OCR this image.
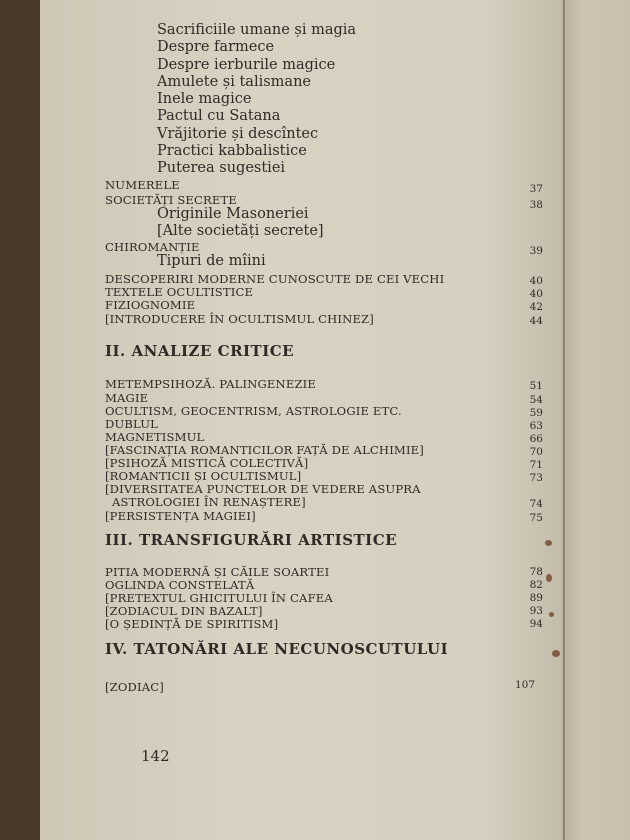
Sacrificiile umane și magia
Despre farmece
Despre ierburile magice
Amulete și talismane
Inele magice
Pactul cu Satana
Vrăjitorie și descîntec
Practici kabbalistice
Puterea sugestiei
NUMERELE	37
SOCIETĂȚI SECRETE	38
Originile Masoneriei
[Alte societăți secrete]
CHIROMANȚIE	39
Tipuri de mîini
DESCOPERIRI MODERNE CUNOSCUTE DE CEI VECHI	40
TEXTELE OCULTISTICE	40
FIZIOGNOMIE	42
[INTRODUCERE ÎN OCULTISMUL CHINEZ]	44
II. ANALIZE CRITICE
METEMPSIHOZĂ. PALINGENEZIE	51
MAGIE	54
OCULTISM, GEOCENTRISM, ASTROLOGIE ETC.	59
DUBLUL	63
MAGNETISMUL	66
[FASCINAȚIA ROMANTICILOR FAȚĂ DE ALCHIMIE]	70
[PSIHOZĂ MISTICĂ COLECTIVĂ]	71
[ROMANTICII ȘI OCULTISMUL]	73
[DIVERSITATEA PUNCTELOR DE VEDERE ASUPRA
ASTROLOGIEI ÎN RENAȘTERE]	74
[PERSISTENȚA MAGIEI]	75
III. TRANSFIGURĂRI ARTISTICE
PITIA MODERNĂ ȘI CĂILE SOARTEI	78
OGLINDA CONSTELATĂ	82
[PRETEXTUL GHICITULUI ÎN CAFEA	89
[ZODIACUL DIN BAZALT]	93
[O ȘEDINȚĂ DE SPIRITISM]	94
IV. TATONĂRI ALE NECUNOSCUTULUI
[ZODIAC]	107
142
